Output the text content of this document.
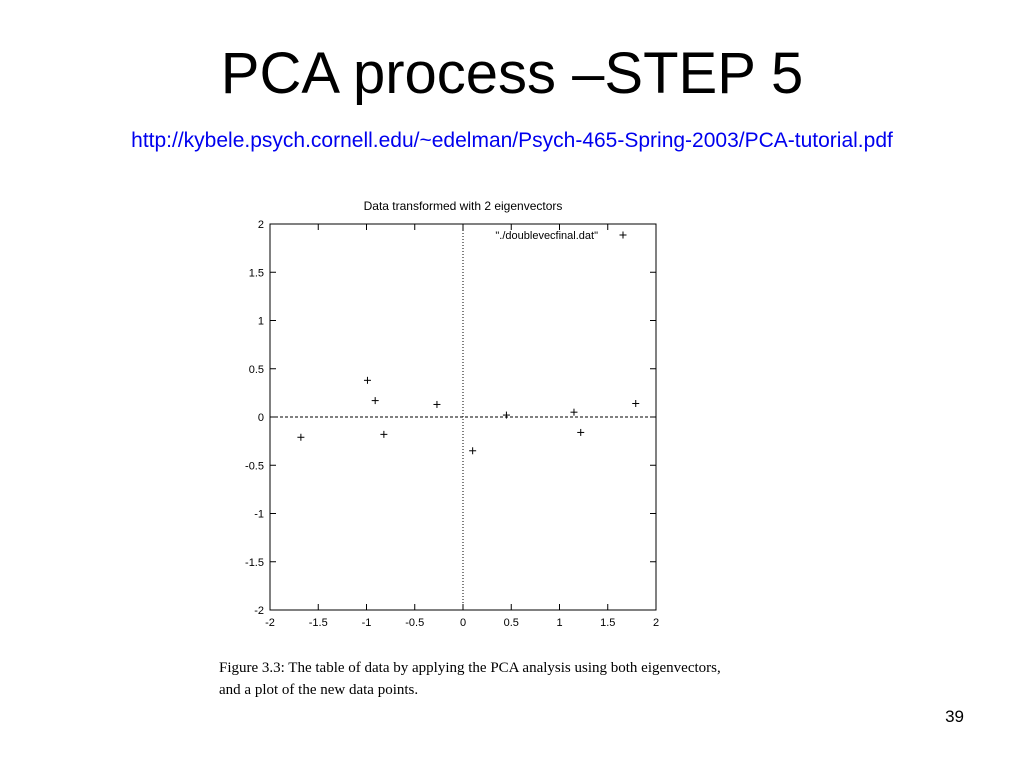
PCA process –STEP 5
http://kybele.psych.cornell.edu/~edelman/Psych-465-Spring-2003/PCA-tutorial.pdf
Data transformed with 2 eigenvectors
-2	-1.5	-1	-0.5	0	0.5	1	1.5	2
2
1.5
1
0.5
0
-0.5
-1
-1.5
-2
"./doublevecfinal.dat"
Figure 3.3: The table of data by applying the PCA analysis using both eigenvectors,
and a plot of the new data points.
39
